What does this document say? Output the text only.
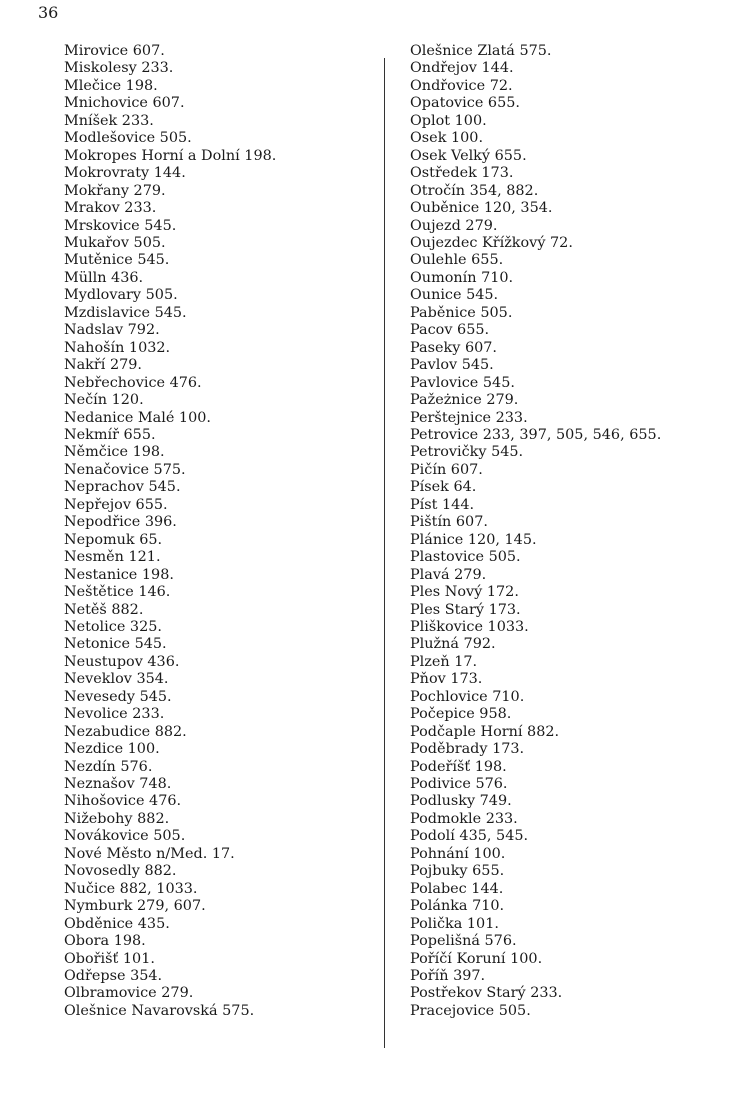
36
Mirovice 607.
Miskolesy 233.
Mlečice 198.
Mnichovice 607.
Mníšek 233.
Modlešovice 505.
Mokropes Horní a Dolní 198.
Mokrovraty 144.
Mokřany 279.
Mrakov 233.
Mrskovice 545.
Mukařov 505.
Mutěnice 545.
Mülln 436.
Mydlovary 505.
Mzdislavice 545.
Nadslav 792.
Nahošín 1032.
Nakří 279.
Nebřechovice 476.
Nečín 120.
Nedanice Malé 100.
Nekmíř 655.
Němčice 198.
Nenačovice 575.
Neprachov 545.
Nepřejov 655.
Nepodřice 396.
Nepomuk 65.
Nesměn 121.
Nestanice 198.
Neštětice 146.
Netěš 882.
Netolice 325.
Netonice 545.
Neustupov 436.
Neveklov 354.
Nevesedy 545.
Nevolice 233.
Nezabudice 882.
Nezdice 100.
Nezdín 576.
Neznašov 748.
Nihošovice 476.
Nižebohy 882.
Novákovice 505.
Nové Město n/Med. 17.
Novosedly 882.
Nučice 882, 1033.
Nymburk 279, 607.
Obděnice 435.
Obora 198.
Obořišť 101.
Odřepse 354.
Olbramovice 279.
Olešnice Navarovská 575.
Olešnice Zlatá 575.
Ondřejov 144.
Ondřovice 72.
Opatovice 655.
Oplot 100.
Osek 100.
Osek Velký 655.
Ostředek 173.
Otročín 354, 882.
Ouběnice 120, 354.
Oujezd 279.
Oujezdec Křížkový 72.
Oulehle 655.
Oumonín 710.
Ounice 545.
Paběnice 505.
Pacov 655.
Paseky 607.
Pavlov 545.
Pavlovice 545.
Pažeżnice 279.
Perštejnice 233.
Petrovice 233, 397, 505, 546, 655.
Petrovičky 545.
Pičín 607.
Písek 64.
Píst 144.
Pištín 607.
Plánice 120, 145.
Plastovice 505.
Plavá 279.
Ples Nový 172.
Ples Starý 173.
Pliškovice 1033.
Plužná 792.
Plzeň 17.
Pňov 173.
Pochlovice 710.
Počepice 958.
Podčaple Horní 882.
Poděbrady 173.
Podeříšť 198.
Podivice 576.
Podlusky 749.
Podmokle 233.
Podolí 435, 545.
Pohnání 100.
Pojbuky 655.
Polabec 144.
Polánka 710.
Polička 101.
Popelišná 576.
Poříčí Koruní 100.
Poříň 397.
Postřekov Starý 233.
Pracejovice 505.
